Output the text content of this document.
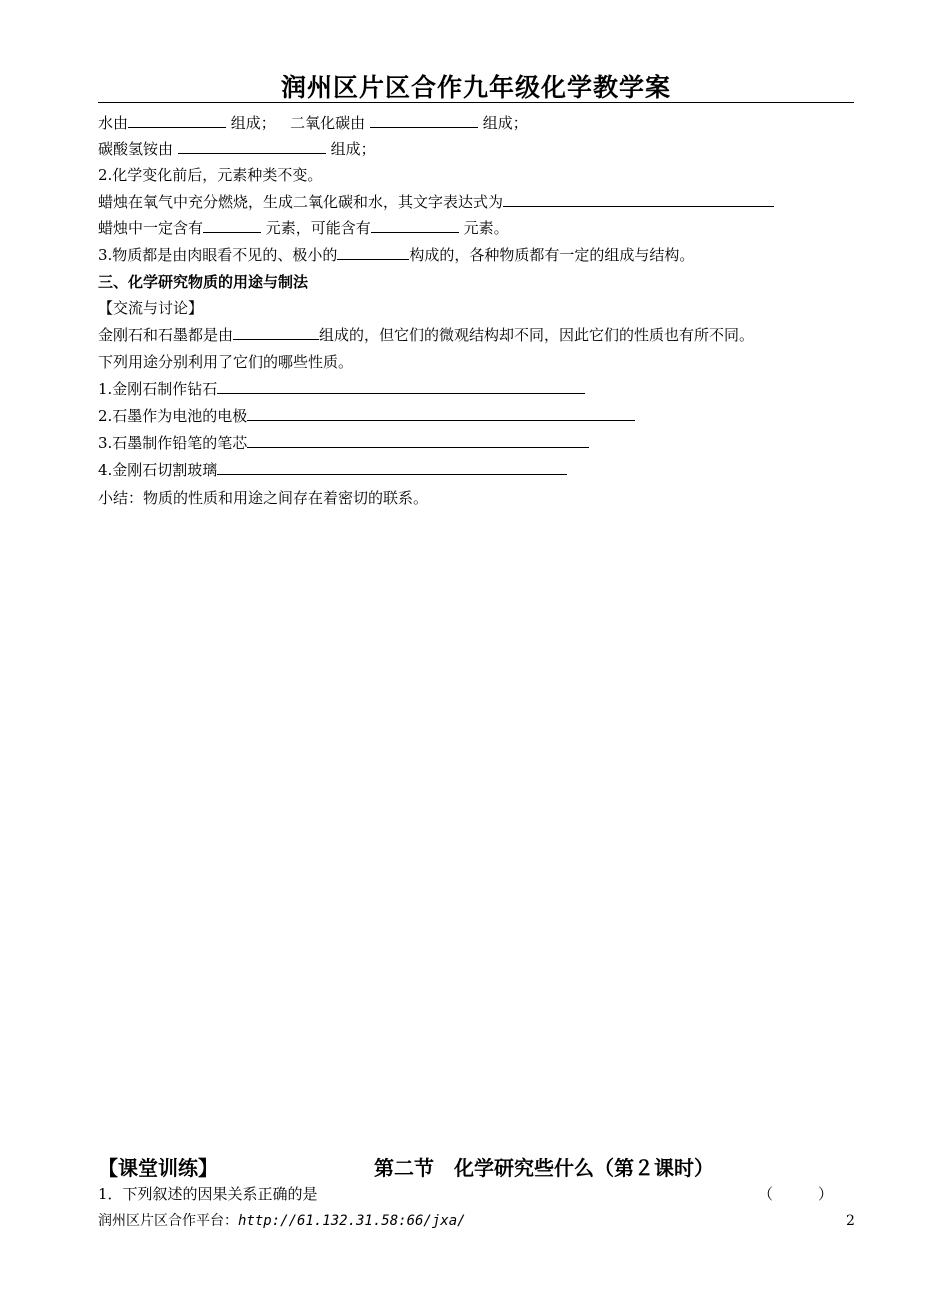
润州区片区合作九年级化学教学案
水由	组成； 二氧化碳由	组成；
碳酸氢铵由	组成；
2.化学变化前后，元素种类不变。
蜡烛在氧气中充分燃烧，生成二氧化碳和水，其文字表达式为
蜡烛中一定含有	元素，可能含有	元素。
3.物质都是由肉眼看不见的、极小的	构成的，各种物质都有一定的组成与结构。
三、化学研究物质的用途与制法
【交流与讨论】
金刚石和石墨都是由	组成的，但它们的微观结构却不同，因此它们的性质也有所不同。
下列用途分别利用了它们的哪些性质。
1.金刚石制作钻石
2.石墨作为电池的电极
3.石墨制作铅笔的笔芯
4.金刚石切割玻璃
小结：物质的性质和用途之间存在着密切的联系。
【课堂训练】	第二节　化学研究些什么（第２课时）
1．下列叙述的因果关系正确的是	（　　　）
润州区片区合作平台：http://61.132.31.58:66/jxa/	2
